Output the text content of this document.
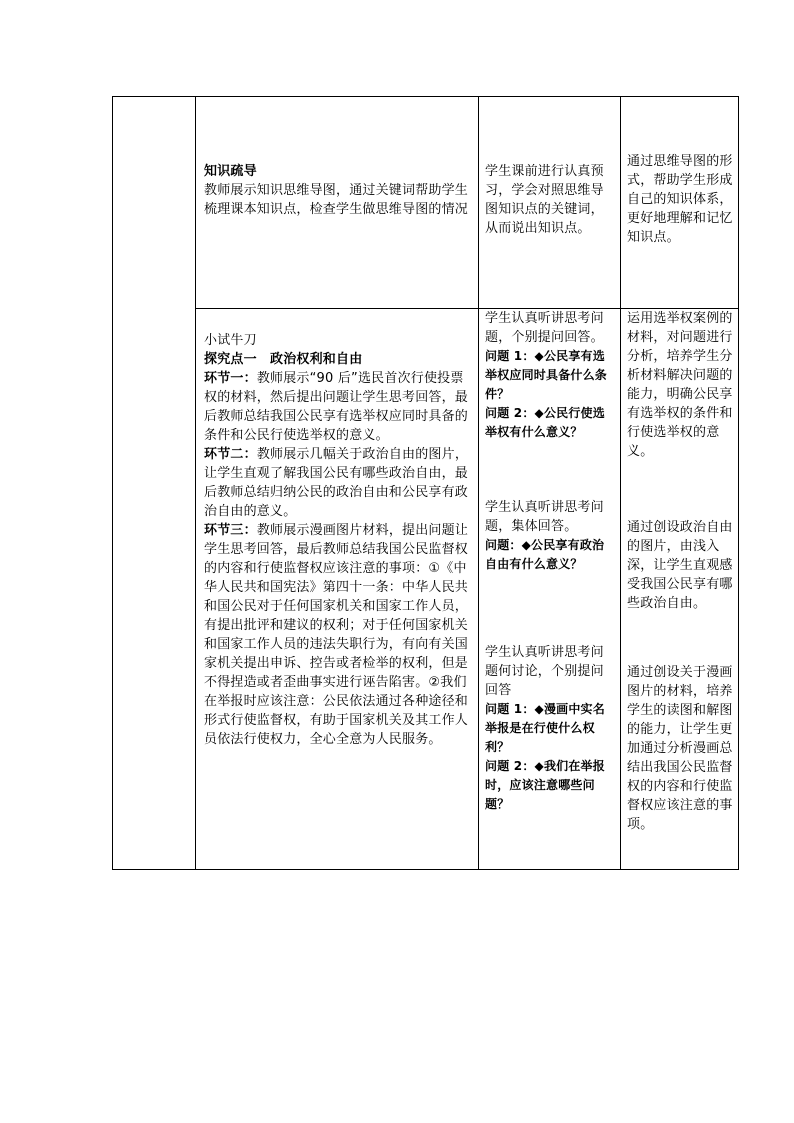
知识疏导

教师展示知识思维导图，通过关键词帮助学生梳理课本知识点，检查学生做思维导图的情况

学生课前进行认真预习，学会对照思维导图知识点的关键词，从而说出知识点。

通过思维导图的形式，帮助学生形成自己的知识体系，更好地理解和记忆知识点。

小试牛刀

探究点一　政治权利和自由

环节一：教师展示“90 后”选民首次行使投票权的材料，然后提出问题让学生思考回答，最后教师总结我国公民享有选举权应同时具备的条件和公民行使选举权的意义。

环节二：教师展示几幅关于政治自由的图片，让学生直观了解我国公民有哪些政治自由，最后教师总结归纳公民的政治自由和公民享有政治自由的意义。

环节三：教师展示漫画图片材料，提出问题让学生思考回答，最后教师总结我国公民监督权的内容和行使监督权应该注意的事项：①《中华人民共和国宪法》第四十一条：中华人民共和国公民对于任何国家机关和国家工作人员，有提出批评和建议的权利；对于任何国家机关和国家工作人员的违法失职行为，有向有关国家机关提出申诉、控告或者检举的权利，但是不得捏造或者歪曲事实进行诬告陷害。②我们在举报时应该注意：公民依法通过各种途径和形式行使监督权，有助于国家机关及其工作人员依法行使权力，全心全意为人民服务。

学生认真听讲思考问题，个别提问回答。

问题 1：◆公民享有选举权应同时具备什么条件？

问题 2：◆公民行使选举权有什么意义？

学生认真听讲思考问题，集体回答。

问题：◆公民享有政治自由有什么意义？

学生认真听讲思考问题何讨论，个别提问回答

问题 1：◆漫画中实名举报是在行使什么权利？

问题 2：◆我们在举报时，应该注意哪些问题？

运用选举权案例的材料，对问题进行分析，培养学生分析材料解决问题的能力，明确公民享有选举权的条件和行使选举权的意义。

通过创设政治自由的图片，由浅入深，让学生直观感受我国公民享有哪些政治自由。

通过创设关于漫画图片的材料，培养学生的读图和解图的能力，让学生更加通过分析漫画总结出我国公民监督权的内容和行使监督权应该注意的事项。
